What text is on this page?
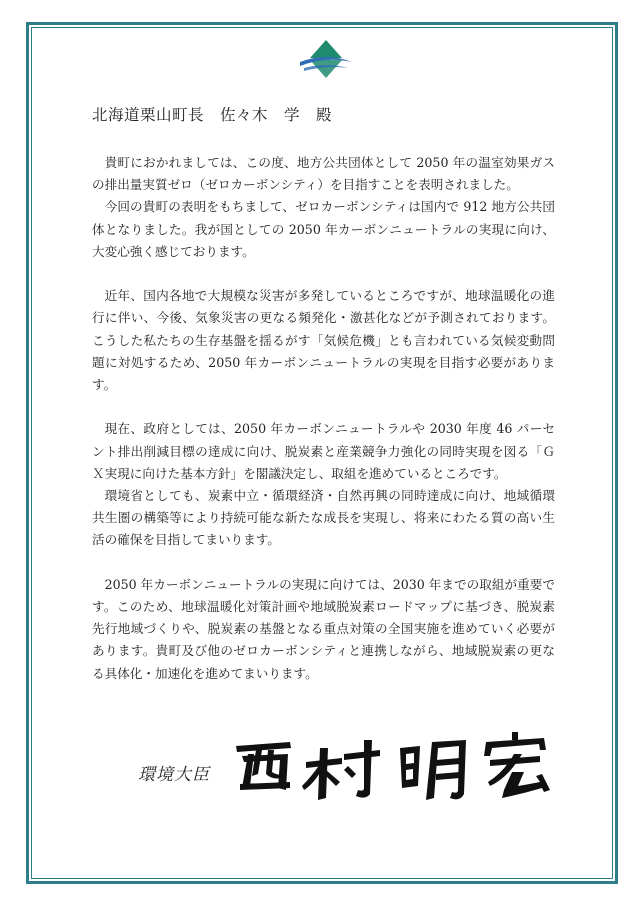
北海道栗山町長　佐々木　学　殿

貴町におかれましては、この度、地方公共団体として 2050 年の温室効果ガスの排出量実質ゼロ（ゼロカーボンシティ）を目指すことを表明されました。

今回の貴町の表明をもちまして、ゼロカーボンシティは国内で 912 地方公共団体となりました。我が国としての 2050 年カーボンニュートラルの実現に向け、大変心強く感じております。

近年、国内各地で大規模な災害が多発しているところですが、地球温暖化の進行に伴い、今後、気象災害の更なる頻発化・激甚化などが予測されております。こうした私たちの生存基盤を揺るがす「気候危機」とも言われている気候変動問題に対処するため、2050 年カーボンニュートラルの実現を目指す必要があります。

現在、政府としては、2050 年カーボンニュートラルや 2030 年度 46 パーセント排出削減目標の達成に向け、脱炭素と産業競争力強化の同時実現を図る「ＧＸ実現に向けた基本方針」を閣議決定し、取組を進めているところです。

環境省としても、炭素中立・循環経済・自然再興の同時達成に向け、地域循環共生圏の構築等により持続可能な新たな成長を実現し、将来にわたる質の高い生活の確保を目指してまいります。

2050 年カーボンニュートラルの実現に向けては、2030 年までの取組が重要です。このため、地球温暖化対策計画や地域脱炭素ロードマップに基づき、脱炭素先行地域づくりや、脱炭素の基盤となる重点対策の全国実施を進めていく必要があります。貴町及び他のゼロカーボンシティと連携しながら、地域脱炭素の更なる具体化・加速化を進めてまいります。

環境大臣
